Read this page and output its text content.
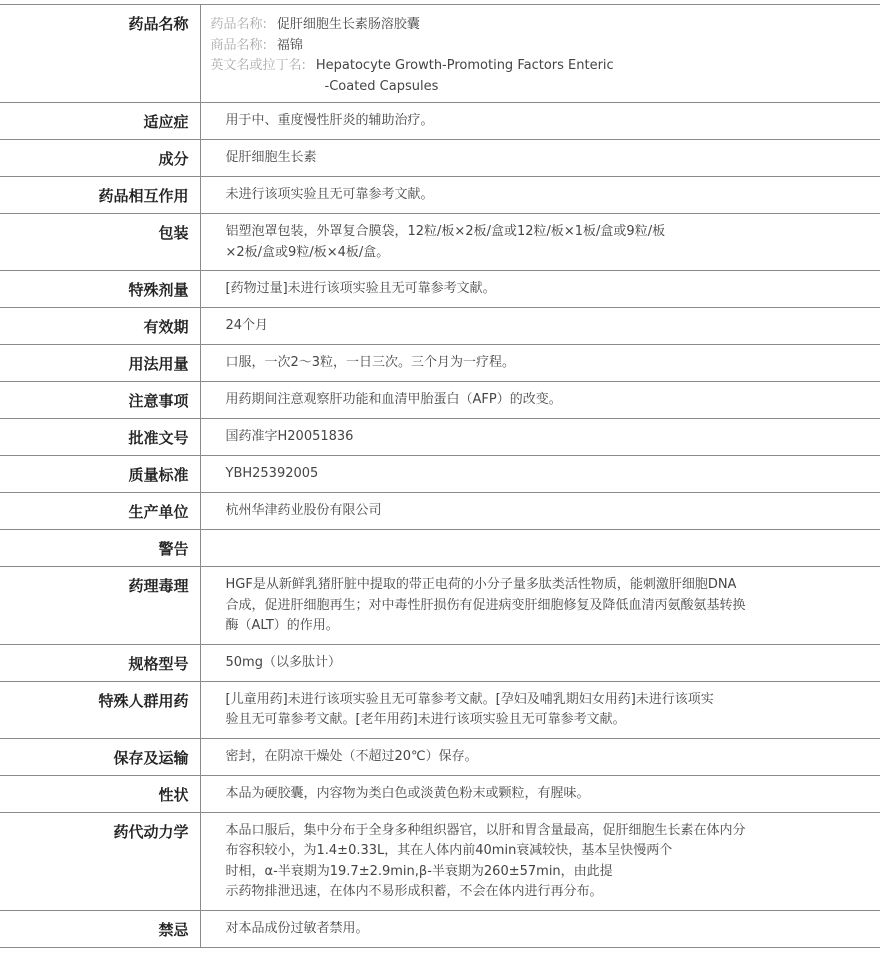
药品名称	药品名称: 促肝细胞生长素肠溶胶囊
商品名称: 福锦
英文名或拉丁名: Hepatocyte Growth-Promoting Factors Enteric
-Coated Capsules

适应症	用于中、重度慢性肝炎的辅助治疗。

成分	促肝细胞生长素

药品相互作用	未进行该项实验且无可靠参考文献。

包装	铝塑泡罩包装，外罩复合膜袋，12粒/板×2板/盒或12粒/板×1板/盒或9粒/板
×2板/盒或9粒/板×4板/盒。

特殊剂量	[药物过量]未进行该项实验且无可靠参考文献。

有效期	24个月

用法用量	口服，一次2～3粒，一日三次。三个月为一疗程。

注意事项	用药期间注意观察肝功能和血清甲胎蛋白（AFP）的改变。

批准文号	国药准字H20051836

质量标准	YBH25392005

生产单位	杭州华津药业股份有限公司

警告	
药理毒理	HGF是从新鲜乳猪肝脏中提取的带正电荷的小分子量多肽类活性物质，能刺激肝细胞DNA
合成，促进肝细胞再生；对中毒性肝损伤有促进病变肝细胞修复及降低血清丙氨酸氨基转换
酶（ALT）的作用。

规格型号	50mg（以多肽计）

特殊人群用药	[儿童用药]未进行该项实验且无可靠参考文献。[孕妇及哺乳期妇女用药]未进行该项实
验且无可靠参考文献。[老年用药]未进行该项实验且无可靠参考文献。

保存及运输	密封，在阴凉干燥处（不超过20℃）保存。

性状	本品为硬胶囊，内容物为类白色或淡黄色粉末或颗粒，有腥味。

药代动力学	本品口服后，集中分布于全身多种组织器官，以肝和胃含量最高，促肝细胞生长素在体内分
布容积较小，为1.4±0.33L，其在人体内前40min衰减较快，基本呈快慢两个
时相，α-半衰期为19.7±2.9min,β-半衰期为260±57min，由此提
示药物排泄迅速，在体内不易形成积蓄，不会在体内进行再分布。

禁忌	对本品成份过敏者禁用。
